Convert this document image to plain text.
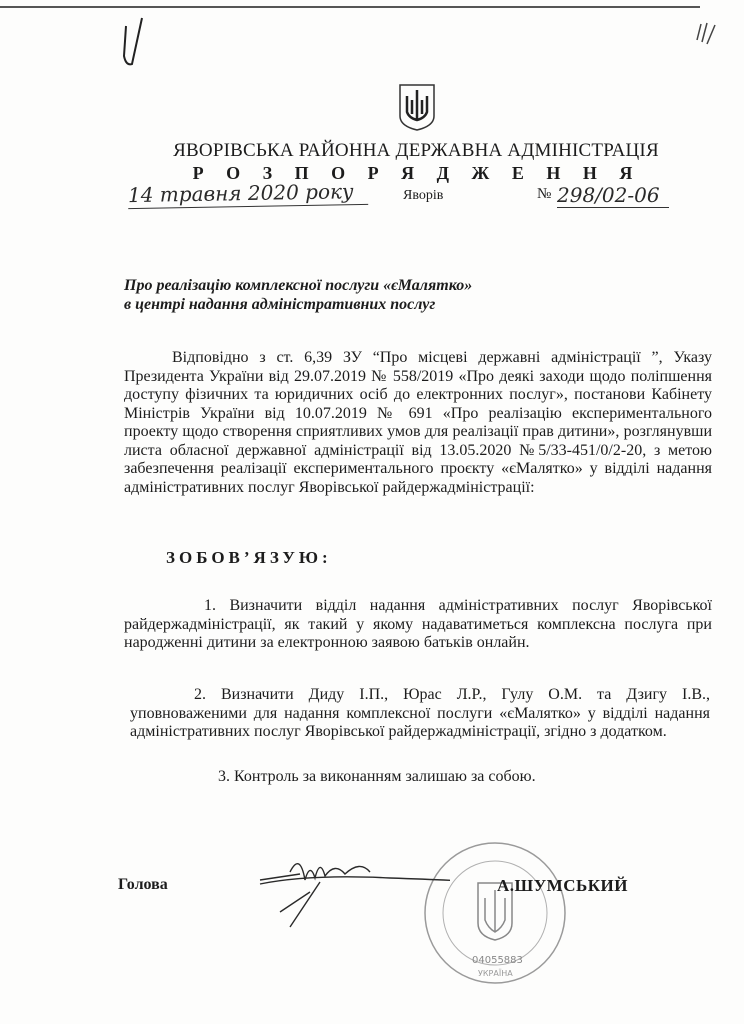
ЯВОРІВСЬКА РАЙОННА ДЕРЖАВНА АДМІНІСТРАЦІЯ
Р О З П О Р Я Д Ж Е Н Н Я
14 травня 2020 року	Яворів	№ 298/02-06
Про реалізацію комплексної послуги «єМалятко»
в центрі надання адміністративних послуг
Відповідно з ст. 6,39 ЗУ “Про місцеві державні адміністрації ”, Указу Президента України від 29.07.2019 № 558/2019 «Про деякі заходи щодо поліпшення доступу фізичних та юридичних осіб до електронних послуг», постанови Кабінету Міністрів України від 10.07.2019 № 691 «Про реалізацію експериментального проекту щодо створення сприятливих умов для реалізації прав дитини», розглянувши листа обласної державної адміністрації від 13.05.2020 №5/33-451/0/2-20, з метою забезпечення реалізації експериментального проєкту «єМалятко» у відділі надання адміністративних послуг Яворівської райдержадміністрації:
ЗОБОВ’ЯЗУЮ:
1. Визначити відділ надання адміністративних послуг Яворівської райдержадміністрації, як такий у якому надаватиметься комплексна послуга при народженні дитини за електронною заявою батьків онлайн.
2. Визначити Диду І.П., Юрас Л.Р., Гулу О.М. та Дзигу І.В., уповноваженими для надання комплексної послуги «єМалятко» у відділі надання адміністративних послуг Яворівської райдержадміністрації, згідно з додатком.
3. Контроль за виконанням залишаю за собою.
Голова
04055883
УКРАЇНА
А.ШУМСЬКИЙ
